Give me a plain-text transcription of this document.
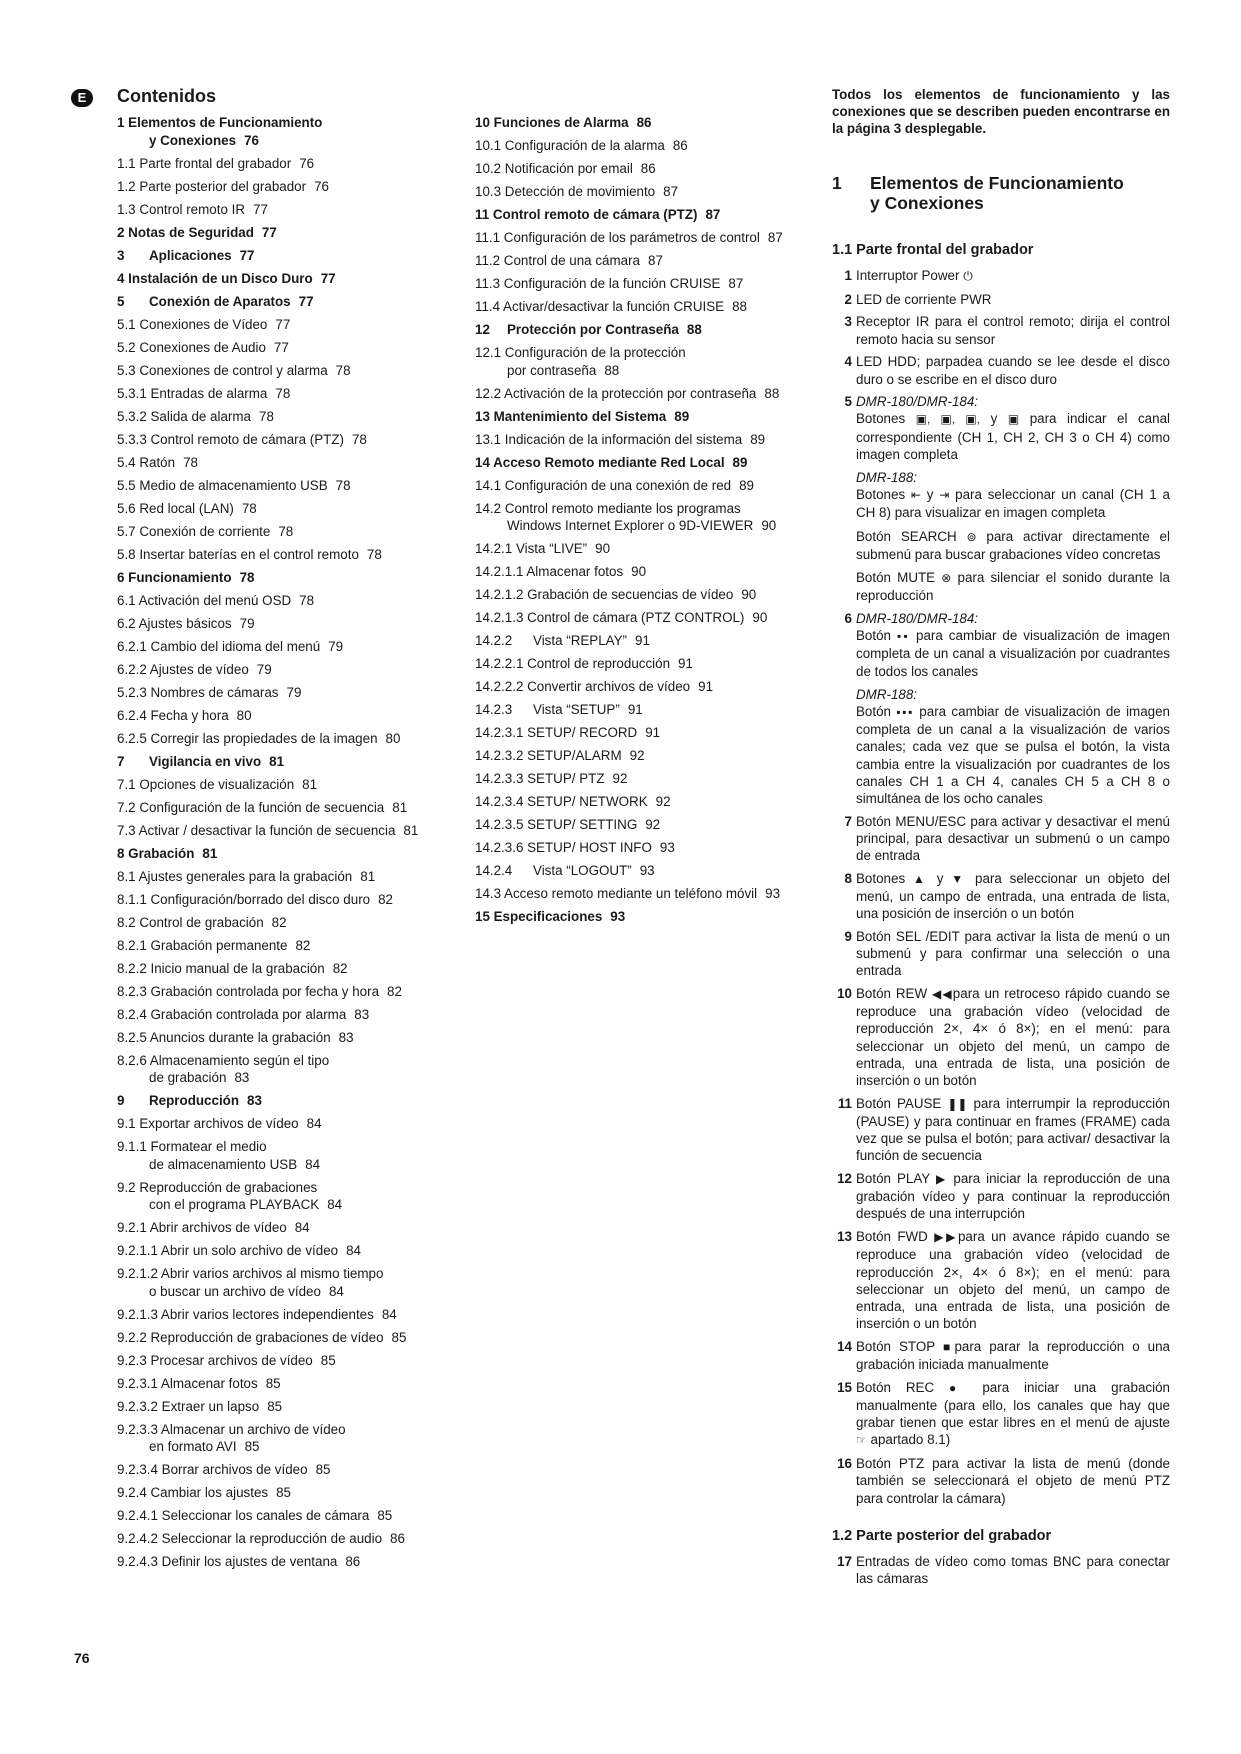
E	Contenidos
1 Elementos de Funcionamiento
y Conexiones 76
1.1 Parte frontal del grabador 76
1.2 Parte posterior del grabador 76
1.3 Control remoto IR 77
2 Notas de Seguridad 77
3 Aplicaciones 77
4 Instalación de un Disco Duro 77
5 Conexión de Aparatos 77
5.1 Conexiones de Vídeo 77
5.2 Conexiones de Audio 77
5.3 Conexiones de control y alarma 78
5.3.1 Entradas de alarma 78
5.3.2 Salida de alarma 78
5.3.3 Control remoto de cámara (PTZ) 78
5.4 Ratón 78
5.5 Medio de almacenamiento USB 78
5.6 Red local (LAN) 78
5.7 Conexión de corriente 78
5.8 Insertar baterías en el control remoto 78
6 Funcionamiento 78
6.1 Activación del menú OSD 78
6.2 Ajustes básicos 79
6.2.1 Cambio del idioma del menú 79
6.2.2 Ajustes de vídeo 79
5.2.3 Nombres de cámaras 79
6.2.4 Fecha y hora 80
6.2.5 Corregir las propiedades de la imagen 80
7 Vigilancia en vivo 81
7.1 Opciones de visualización 81
7.2 Configuración de la función de secuencia 81
7.3 Activar / desactivar la función de secuencia 81
8 Grabación 81
8.1 Ajustes generales para la grabación 81
8.1.1 Configuración/borrado del disco duro 82
8.2 Control de grabación 82
8.2.1 Grabación permanente 82
8.2.2 Inicio manual de la grabación 82
8.2.3 Grabación controlada por fecha y hora 82
8.2.4 Grabación controlada por alarma 83
8.2.5 Anuncios durante la grabación 83
8.2.6 Almacenamiento según el tipo
de grabación 83
9 Reproducción 83
9.1 Exportar archivos de vídeo 84
9.1.1 Formatear el medio
de almacenamiento USB 84
9.2 Reproducción de grabaciones
con el programa PLAYBACK 84
9.2.1 Abrir archivos de vídeo 84
9.2.1.1 Abrir un solo archivo de vídeo 84
9.2.1.2 Abrir varios archivos al mismo tiempo
o buscar un archivo de vídeo 84
9.2.1.3 Abrir varios lectores independientes 84
9.2.2 Reproducción de grabaciones de vídeo 85
9.2.3 Procesar archivos de vídeo 85
9.2.3.1 Almacenar fotos 85
9.2.3.2 Extraer un lapso 85
9.2.3.3 Almacenar un archivo de vídeo
en formato AVI 85
9.2.3.4 Borrar archivos de vídeo 85
9.2.4 Cambiar los ajustes 85
9.2.4.1 Seleccionar los canales de cámara 85
9.2.4.2 Seleccionar la reproducción de audio 86
9.2.4.3 Definir los ajustes de ventana 86
10 Funciones de Alarma 86
10.1 Configuración de la alarma 86
10.2 Notificación por email 86
10.3 Detección de movimiento 87
11 Control remoto de cámara (PTZ) 87
11.1 Configuración de los parámetros de control 87
11.2 Control de una cámara 87
11.3 Configuración de la función CRUISE 87
11.4 Activar/desactivar la función CRUISE 88
12 Protección por Contraseña 88
12.1 Configuración de la protección
por contraseña 88
12.2 Activación de la protección por contraseña 88
13 Mantenimiento del Sistema 89
13.1 Indicación de la información del sistema 89
14 Acceso Remoto mediante Red Local 89
14.1 Configuración de una conexión de red 89
14.2 Control remoto mediante los programas
Windows Internet Explorer o 9D-VIEWER 90
14.2.1 Vista “LIVE” 90
14.2.1.1 Almacenar fotos 90
14.2.1.2 Grabación de secuencias de vídeo 90
14.2.1.3 Control de cámara (PTZ CONTROL) 90
14.2.2 Vista “REPLAY” 91
14.2.2.1 Control de reproducción 91
14.2.2.2 Convertir archivos de vídeo 91
14.2.3 Vista “SETUP” 91
14.2.3.1 SETUP/ RECORD 91
14.2.3.2 SETUP/ALARM 92
14.2.3.3 SETUP/ PTZ 92
14.2.3.4 SETUP/ NETWORK 92
14.2.3.5 SETUP/ SETTING 92
14.2.3.6 SETUP/ HOST INFO 93
14.2.4 Vista “LOGOUT” 93
14.3 Acceso remoto mediante un teléfono móvil 93
15 Especificaciones 93

Todos los elementos de funcionamiento y las conexiones que se describen pueden encontrarse en la página 3 desplegable.

1	Elementos de Funcionamiento
y Conexiones
1.1 Parte frontal del grabador
1 Interruptor Power ⏻
2 LED de corriente PWR
3 Receptor IR para el control remoto; dirija el control remoto hacia su sensor
4 LED HDD; parpadea cuando se lee desde el disco duro o se escribe en el disco duro
5 DMR-180/DMR-184:
Botones ▣, ▣, ▣, y ▣ para indicar el canal correspondiente (CH 1, CH 2, CH 3 o CH 4) como imagen completa

DMR-188:
Botones ⇤ y ⇥ para seleccionar un canal (CH 1 a CH 8) para visualizar en imagen completa

Botón SEARCH ⊚ para activar directamente el submenú para buscar grabaciones vídeo concretas

Botón MUTE ⊗ para silenciar el sonido durante la reproducción

6 DMR-180/DMR-184:
Botón ▪▪ para cambiar de visualización de imagen completa de un canal a visualización por cuadrantes de todos los canales

DMR-188:
Botón ▪▪▪ para cambiar de visualización de imagen completa de un canal a la visualización de varios canales; cada vez que se pulsa el botón, la vista cambia entre la visualización por cuadrantes de los canales CH 1 a CH 4, canales CH 5 a CH 8 o simultánea de los ocho canales

7 Botón MENU/ESC para activar y desactivar el menú principal, para desactivar un submenú o un campo de entrada
8 Botones ▲ y ▼ para seleccionar un objeto del menú, un campo de entrada, una entrada de lista, una posición de inserción o un botón
9 Botón SEL /EDIT para activar la lista de menú o un submenú y para confirmar una selección o una entrada
10 Botón REW ◀◀para un retroceso rápido cuando se reproduce una grabación vídeo (velocidad de reproducción 2×, 4× ó 8×); en el menú: para seleccionar un objeto del menú, un campo de entrada, una entrada de lista, una posición de inserción o un botón
11 Botón PAUSE ❚❚ para interrumpir la reproducción (PAUSE) y para continuar en frames (FRAME) cada vez que se pulsa el botón; para activar/ desactivar la función de secuencia
12 Botón PLAY ▶ para iniciar la reproducción de una grabación vídeo y para continuar la reproducción después de una interrupción
13 Botón FWD ▶▶para un avance rápido cuando se reproduce una grabación vídeo (velocidad de reproducción 2×, 4× ó 8×); en el menú: para seleccionar un objeto del menú, un campo de entrada, una entrada de lista, una posición de inserción o un botón
14 Botón STOP ■para parar la reproducción o una grabación iniciada manualmente
15 Botón REC ● para iniciar una grabación manualmente (para ello, los canales que hay que grabar tienen que estar libres en el menú de ajuste ☞ apartado 8.1)
16 Botón PTZ para activar la lista de menú (donde también se seleccionará el objeto de menú PTZ para controlar la cámara)
1.2 Parte posterior del grabador
17 Entradas de vídeo como tomas BNC para conectar las cámaras
76
